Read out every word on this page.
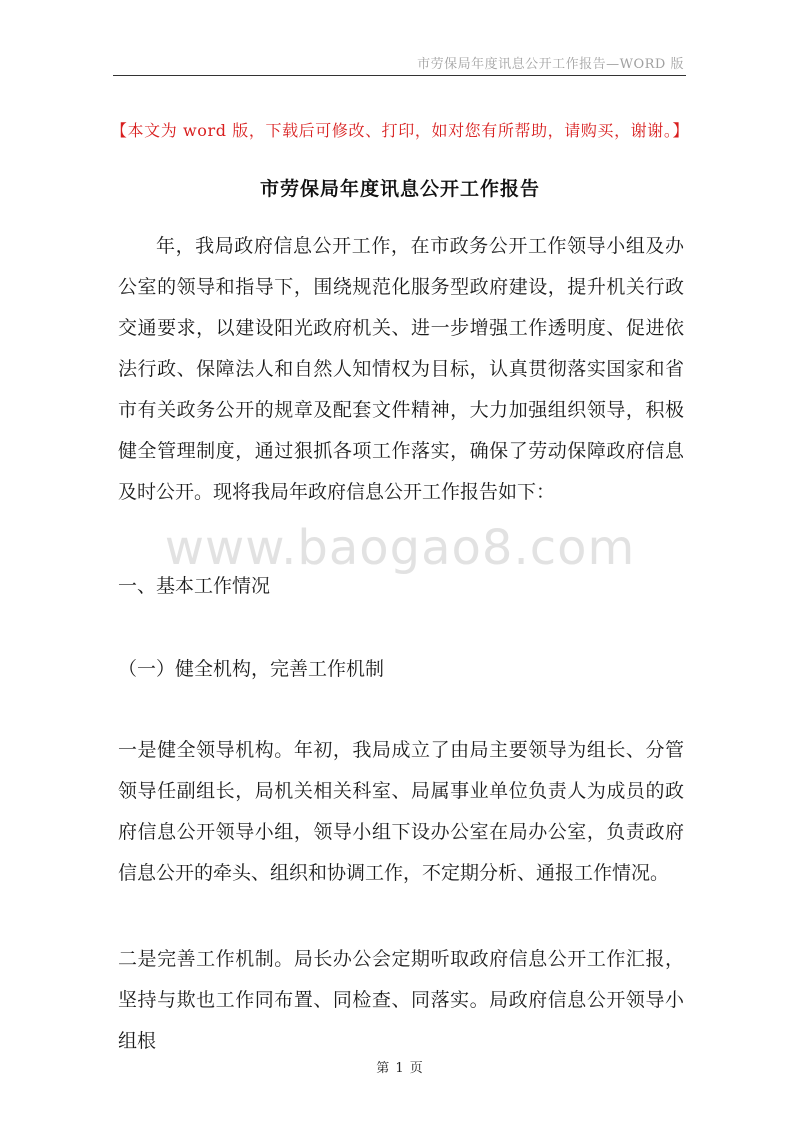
市劳保局年度讯息公开工作报告—WORD 版
【本文为 word 版，下载后可修改、打印，如对您有所帮助，请购买，谢谢。】
市劳保局年度讯息公开工作报告

年，我局政府信息公开工作，在市政务公开工作领导小组及办公室的领导和指导下，围绕规范化服务型政府建设，提升机关行政交通要求，以建设阳光政府机关、进一步增强工作透明度、促进依法行政、保障法人和自然人知情权为目标，认真贯彻落实国家和省市有关政务公开的规章及配套文件精神，大力加强组织领导，积极健全管理制度，通过狠抓各项工作落实，确保了劳动保障政府信息及时公开。现将我局年政府信息公开工作报告如下：

www.baogao8.com

一、基本工作情况

（一）健全机构，完善工作机制

一是健全领导机构。年初，我局成立了由局主要领导为组长、分管领导任副组长，局机关相关科室、局属事业单位负责人为成员的政府信息公开领导小组，领导小组下设办公室在局办公室，负责政府信息公开的牵头、组织和协调工作，不定期分析、通报工作情况。

二是完善工作机制。局长办公会定期听取政府信息公开工作汇报，坚持与欺也工作同布置、同检查、同落实。局政府信息公开领导小组根

第 1 页
